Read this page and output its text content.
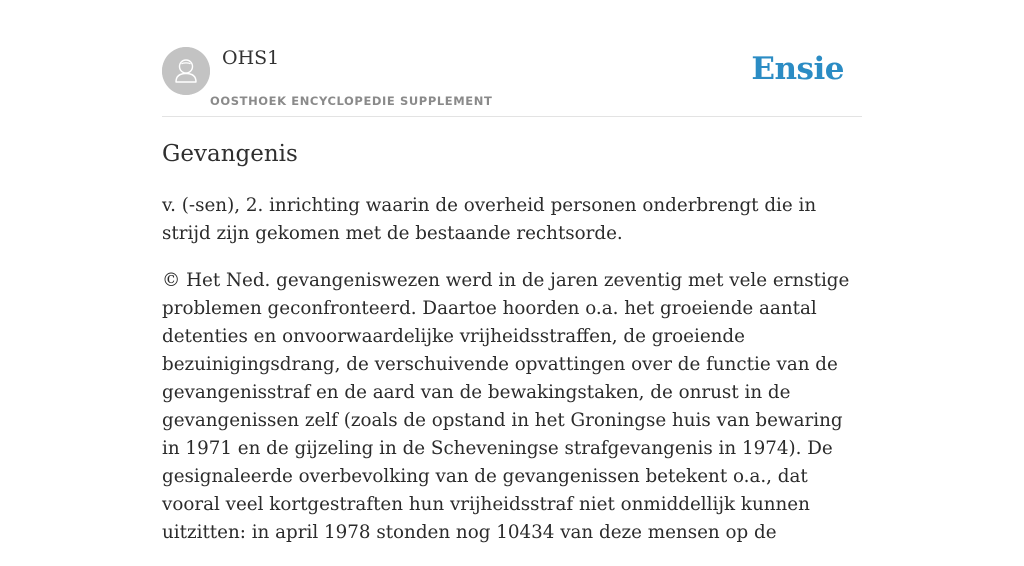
OHS1
OOSTHOEK ENCYCLOPEDIE SUPPLEMENT
Ensie
Gevangenis

v. (-sen), 2. inrichting waarin de overheid personen onderbrengt die in strijd zijn gekomen met de bestaande rechtsorde.

© Het Ned. gevangeniswezen werd in de jaren zeventig met vele ernstige problemen geconfronteerd. Daartoe hoorden o.a. het groeiende aantal detenties en onvoorwaardelijke vrijheidsstraffen, de groeiende bezuinigingsdrang, de verschuivende opvattingen over de functie van de gevangenisstraf en de aard van de bewakingstaken, de onrust in de gevangenissen zelf (zoals de opstand in het Groningse huis van bewaring in 1971 en de gijzeling in de Scheveningse strafgevangenis in 1974). De gesignaleerde overbevolking van de gevangenissen betekent o.a., dat vooral veel kortgestraften hun vrijheidsstraf niet onmiddellijk kunnen uitzitten: in april 1978 stonden nog 10434 van deze mensen op de
